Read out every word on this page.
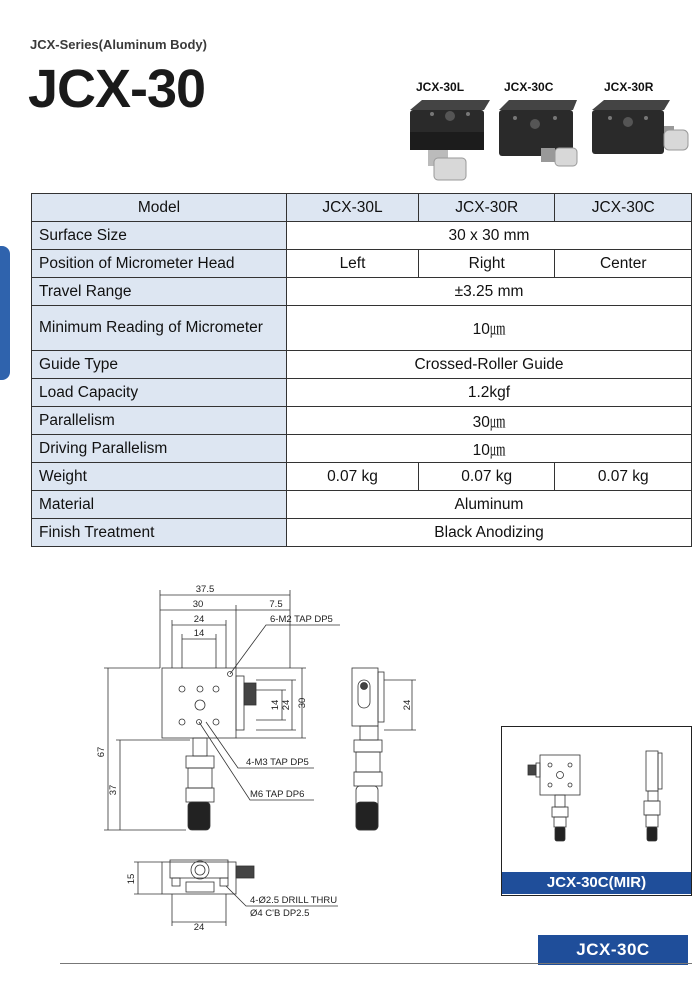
JCX-Series(Aluminum Body)
JCX-30	JCX-30L	JCX-30C	JCX-30R
Model	JCX-30L	JCX-30R	JCX-30C
Surface Size	30 x 30 mm		
Position of Micrometer Head	Left	Right	Center
Travel Range	±3.25 mm		
Minimum Reading of Micrometer	10㎛		
Guide Type	Crossed-Roller Guide		
Load Capacity	1.2kgf		
Parallelism	30㎛		
Driving Parallelism	10㎛		
Weight	0.07 kg	0.07 kg	0.07 kg
Material	Aluminum		
Finish Treatment	Black Anodizing		
37.5
30	7.5
24
14
67
37
14 24 30	24
15
24
6-M2 TAP DP5
4-M3 TAP DP5
M6 TAP DP6
4-Ø2.5 DRILL THRU
Ø4 C'B DP2.5
JCX-30C(MIR)
JCX-30C
